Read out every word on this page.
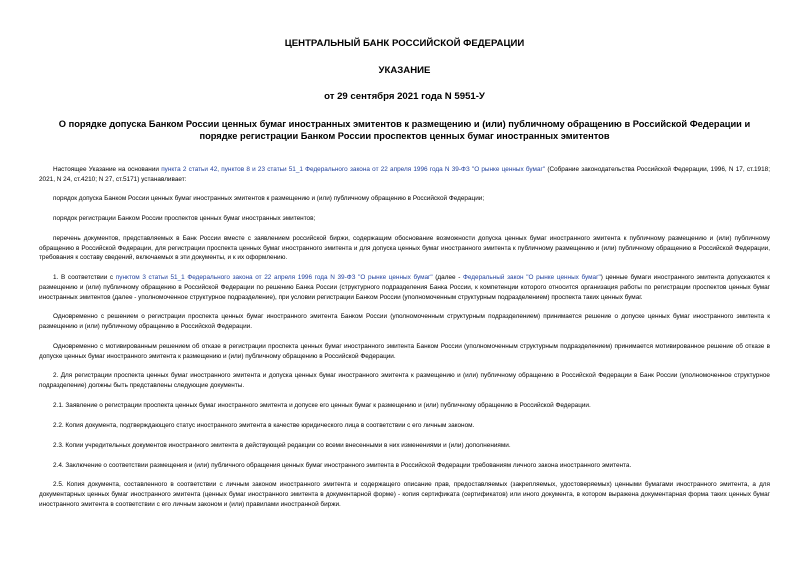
ЦЕНТРАЛЬНЫЙ БАНК РОССИЙСКОЙ ФЕДЕРАЦИИ
УКАЗАНИЕ
от 29 сентября 2021 года N 5951-У
О порядке допуска Банком России ценных бумаг иностранных эмитентов к размещению и (или) публичному обращению в Российской Федерации и порядке регистрации Банком России проспектов ценных бумаг иностранных эмитентов

Настоящее Указание на основании пункта 2 статьи 42, пунктов 8 и 23 статьи 51_1 Федерального закона от 22 апреля 1996 года N 39-ФЗ "О рынке ценных бумаг" (Собрание законодательства Российской Федерации, 1996, N 17, ст.1918; 2021, N 24, ст.4210; N 27, ст.5171) устанавливает:

порядок допуска Банком России ценных бумаг иностранных эмитентов к размещению и (или) публичному обращению в Российской Федерации;

порядок регистрации Банком России проспектов ценных бумаг иностранных эмитентов;

перечень документов, представляемых в Банк России вместе с заявлением российской биржи, содержащим обоснование возможности допуска ценных бумаг иностранного эмитента к публичному размещению и (или) публичному обращению в Российской Федерации, для регистрации проспекта ценных бумаг иностранного эмитента и для допуска ценных бумаг иностранного эмитента к публичному размещению и (или) публичному обращению в Российской Федерации, требования к составу сведений, включаемых в эти документы, и к их оформлению.

1. В соответствии с пунктом 3 статьи 51_1 Федерального закона от 22 апреля 1996 года N 39-ФЗ "О рынке ценных бумаг" (далее - Федеральный закон "О рынке ценных бумаг") ценные бумаги иностранного эмитента допускаются к размещению и (или) публичному обращению в Российской Федерации по решению Банка России (структурного подразделения Банка России, к компетенции которого относится организация работы по регистрации проспектов ценных бумаг иностранных эмитентов (далее - уполномоченное структурное подразделение), при условии регистрации Банком России (уполномоченным структурным подразделением) проспекта таких ценных бумаг.

Одновременно с решением о регистрации проспекта ценных бумаг иностранного эмитента Банком России (уполномоченным структурным подразделением) принимается решение о допуске ценных бумаг иностранного эмитента к размещению и (или) публичному обращению в Российской Федерации.

Одновременно с мотивированным решением об отказе в регистрации проспекта ценных бумаг иностранного эмитента Банком России (уполномоченным структурным подразделением) принимается мотивированное решение об отказе в допуске ценных бумаг иностранного эмитента к размещению и (или) публичному обращению в Российской Федерации.

2. Для регистрации проспекта ценных бумаг иностранного эмитента и допуска ценных бумаг иностранного эмитента к размещению и (или) публичному обращению в Российской Федерации в Банк России (уполномоченное структурное подразделение) должны быть представлены следующие документы.

2.1. Заявление о регистрации проспекта ценных бумаг иностранного эмитента и допуске его ценных бумаг к размещению и (или) публичному обращению в Российской Федерации.

2.2. Копия документа, подтверждающего статус иностранного эмитента в качестве юридического лица в соответствии с его личным законом.

2.3. Копии учредительных документов иностранного эмитента в действующей редакции со всеми внесенными в них изменениями и (или) дополнениями.

2.4. Заключение о соответствии размещения и (или) публичного обращения ценных бумаг иностранного эмитента в Российской Федерации требованиям личного закона иностранного эмитента.

2.5. Копия документа, составленного в соответствии с личным законом иностранного эмитента и содержащего описание прав, предоставляемых (закрепляемых, удостоверяемых) ценными бумагами иностранного эмитента, а для документарных ценных бумаг иностранного эмитента (ценных бумаг иностранного эмитента в документарной форме) - копия сертификата (сертификатов) или иного документа, в котором выражена документарная форма таких ценных бумаг иностранного эмитента в соответствии с его личным законом и (или) правилами иностранной биржи.
